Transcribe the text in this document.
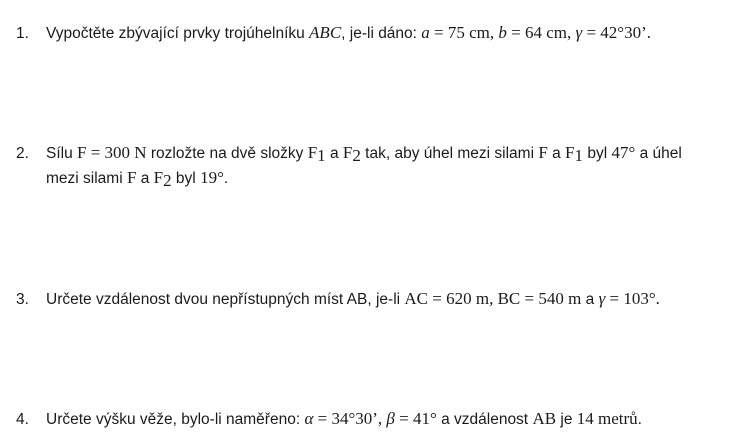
1. Vypočtěte zbývající prvky trojúhelníku ABC, je-li dáno: a = 75 cm, b = 64 cm, γ = 42°30’.
2. Sílu F = 300 N rozložte na dvě složky $F_1$ a $F_2$ tak, aby úhel mezi silami F a $F_1$ byl 47° a úhel
mezi silami F a $F_2$ byl 19°.
3. Určete vzdálenost dvou nepřístupných míst AB, je-li AC = 620 m, BC = 540 m a γ = 103°.
4. Určete výšku věže, bylo-li naměřeno: α = 34°30’, β = 41° a vzdálenost AB je 14 metrů.
